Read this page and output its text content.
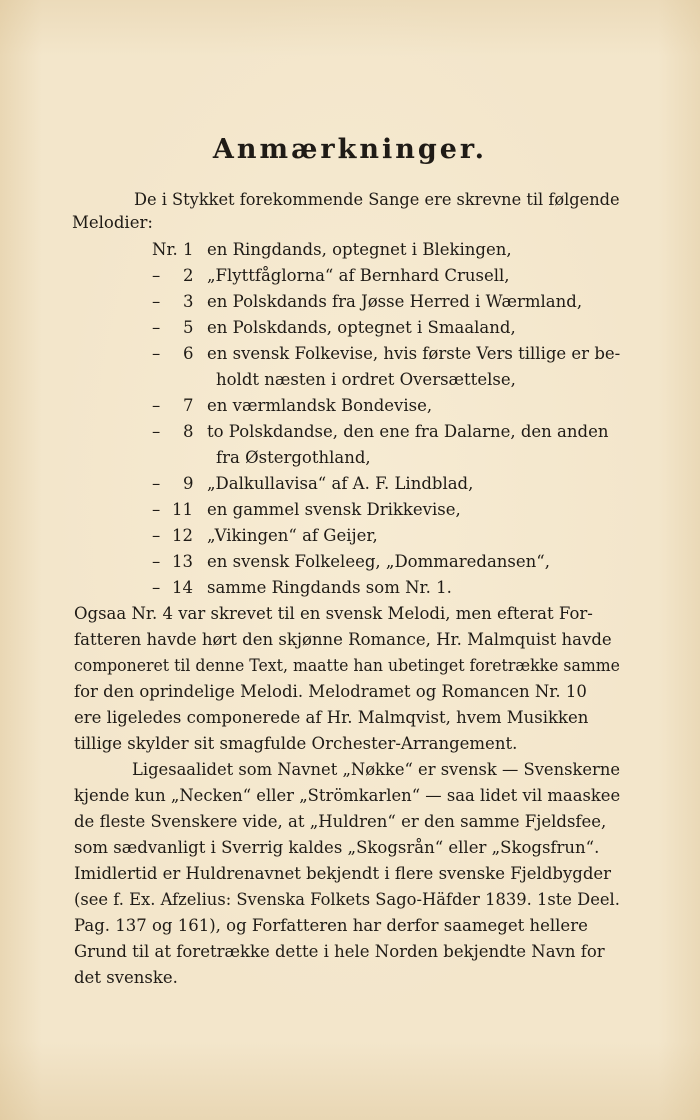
Anmærkninger.
De i Stykket forekommende Sange ere skrevne til følgende
Melodier:
Nr. 1 en Ringdands, optegnet i Blekingen,
– 2 „Flyttfåglorna“ af Bernhard Crusell,
– 3 en Polskdands fra Jøsse Herred i Wærmland,
– 5 en Polskdands, optegnet i Smaaland,
– 6 en svensk Folkevise, hvis første Vers tillige er be-
holdt næsten i ordret Oversættelse,
– 7 en værmlandsk Bondevise,
– 8 to Polskdandse, den ene fra Dalarne, den anden
fra Østergothland,
– 9 „Dalkullavisa“ af A. F. Lindblad,
– 11 en gammel svensk Drikkevise,
– 12 „Vikingen“ af Geijer,
– 13 en svensk Folkeleeg, „Dommaredansen“,
– 14 samme Ringdands som Nr. 1.
Ogsaa Nr. 4 var skrevet til en svensk Melodi, men efterat For-
fatteren havde hørt den skjønne Romance, Hr. Malmquist havde
componeret til denne Text, maatte han ubetinget foretrække samme
for den oprindelige Melodi. Melodramet og Romancen Nr. 10
ere ligeledes componerede af Hr. Malmqvist, hvem Musikken
tillige skylder sit smagfulde Orchester-Arrangement.
Ligesaalidet som Navnet „Nøkke“ er svensk — Svenskerne
kjende kun „Necken“ eller „Strömkarlen“ — saa lidet vil maaskee
de fleste Svenskere vide, at „Huldren“ er den samme Fjeldsfee,
som sædvanligt i Sverrig kaldes „Skogsrån“ eller „Skogsfrun“.
Imidlertid er Huldrenavnet bekjendt i flere svenske Fjeldbygder
(see f. Ex. Afzelius: Svenska Folkets Sago-Häfder 1839. 1ste Deel.
Pag. 137 og 161), og Forfatteren har derfor saameget hellere
Grund til at foretrække dette i hele Norden bekjendte Navn for
det svenske.
